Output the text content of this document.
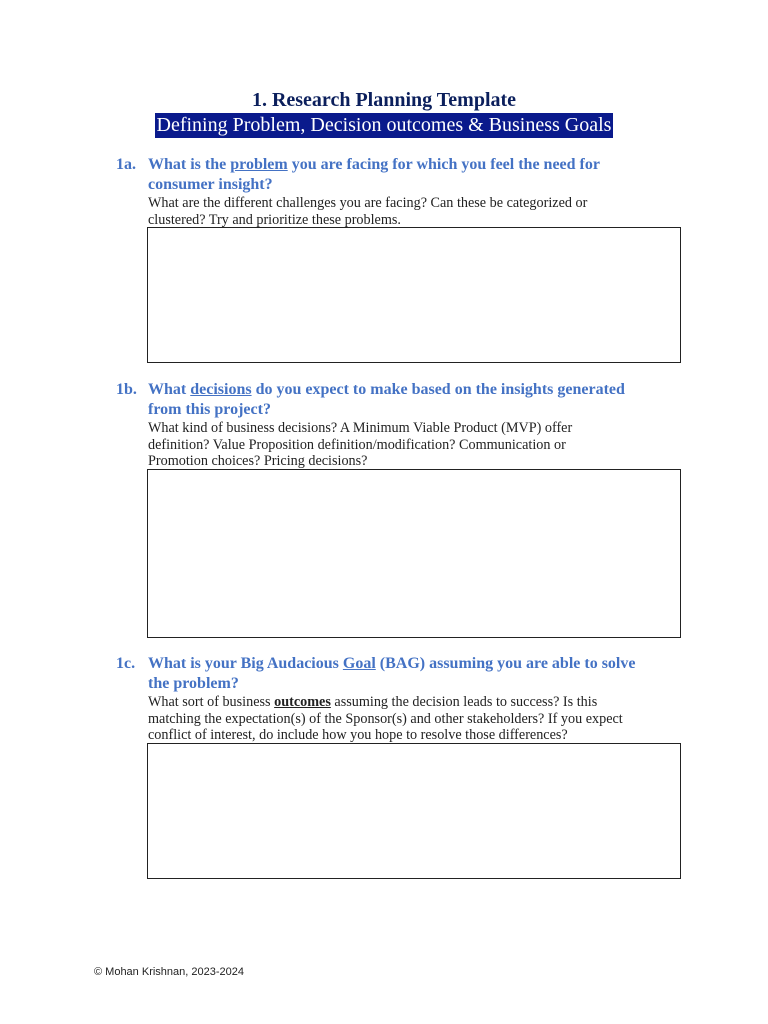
1. Research Planning Template
Defining Problem, Decision outcomes & Business Goals
1a. What is the problem you are facing for which you feel the need for
consumer insight?
What are the different challenges you are facing? Can these be categorized or
clustered? Try and prioritize these problems.
1b. What decisions do you expect to make based on the insights generated
from this project?
What kind of business decisions? A Minimum Viable Product (MVP) offer
definition? Value Proposition definition/modification? Communication or
Promotion choices? Pricing decisions?
1c. What is your Big Audacious Goal (BAG) assuming you are able to solve
the problem?
What sort of business outcomes assuming the decision leads to success? Is this
matching the expectation(s) of the Sponsor(s) and other stakeholders? If you expect
conflict of interest, do include how you hope to resolve those differences?
© Mohan Krishnan, 2023-2024
